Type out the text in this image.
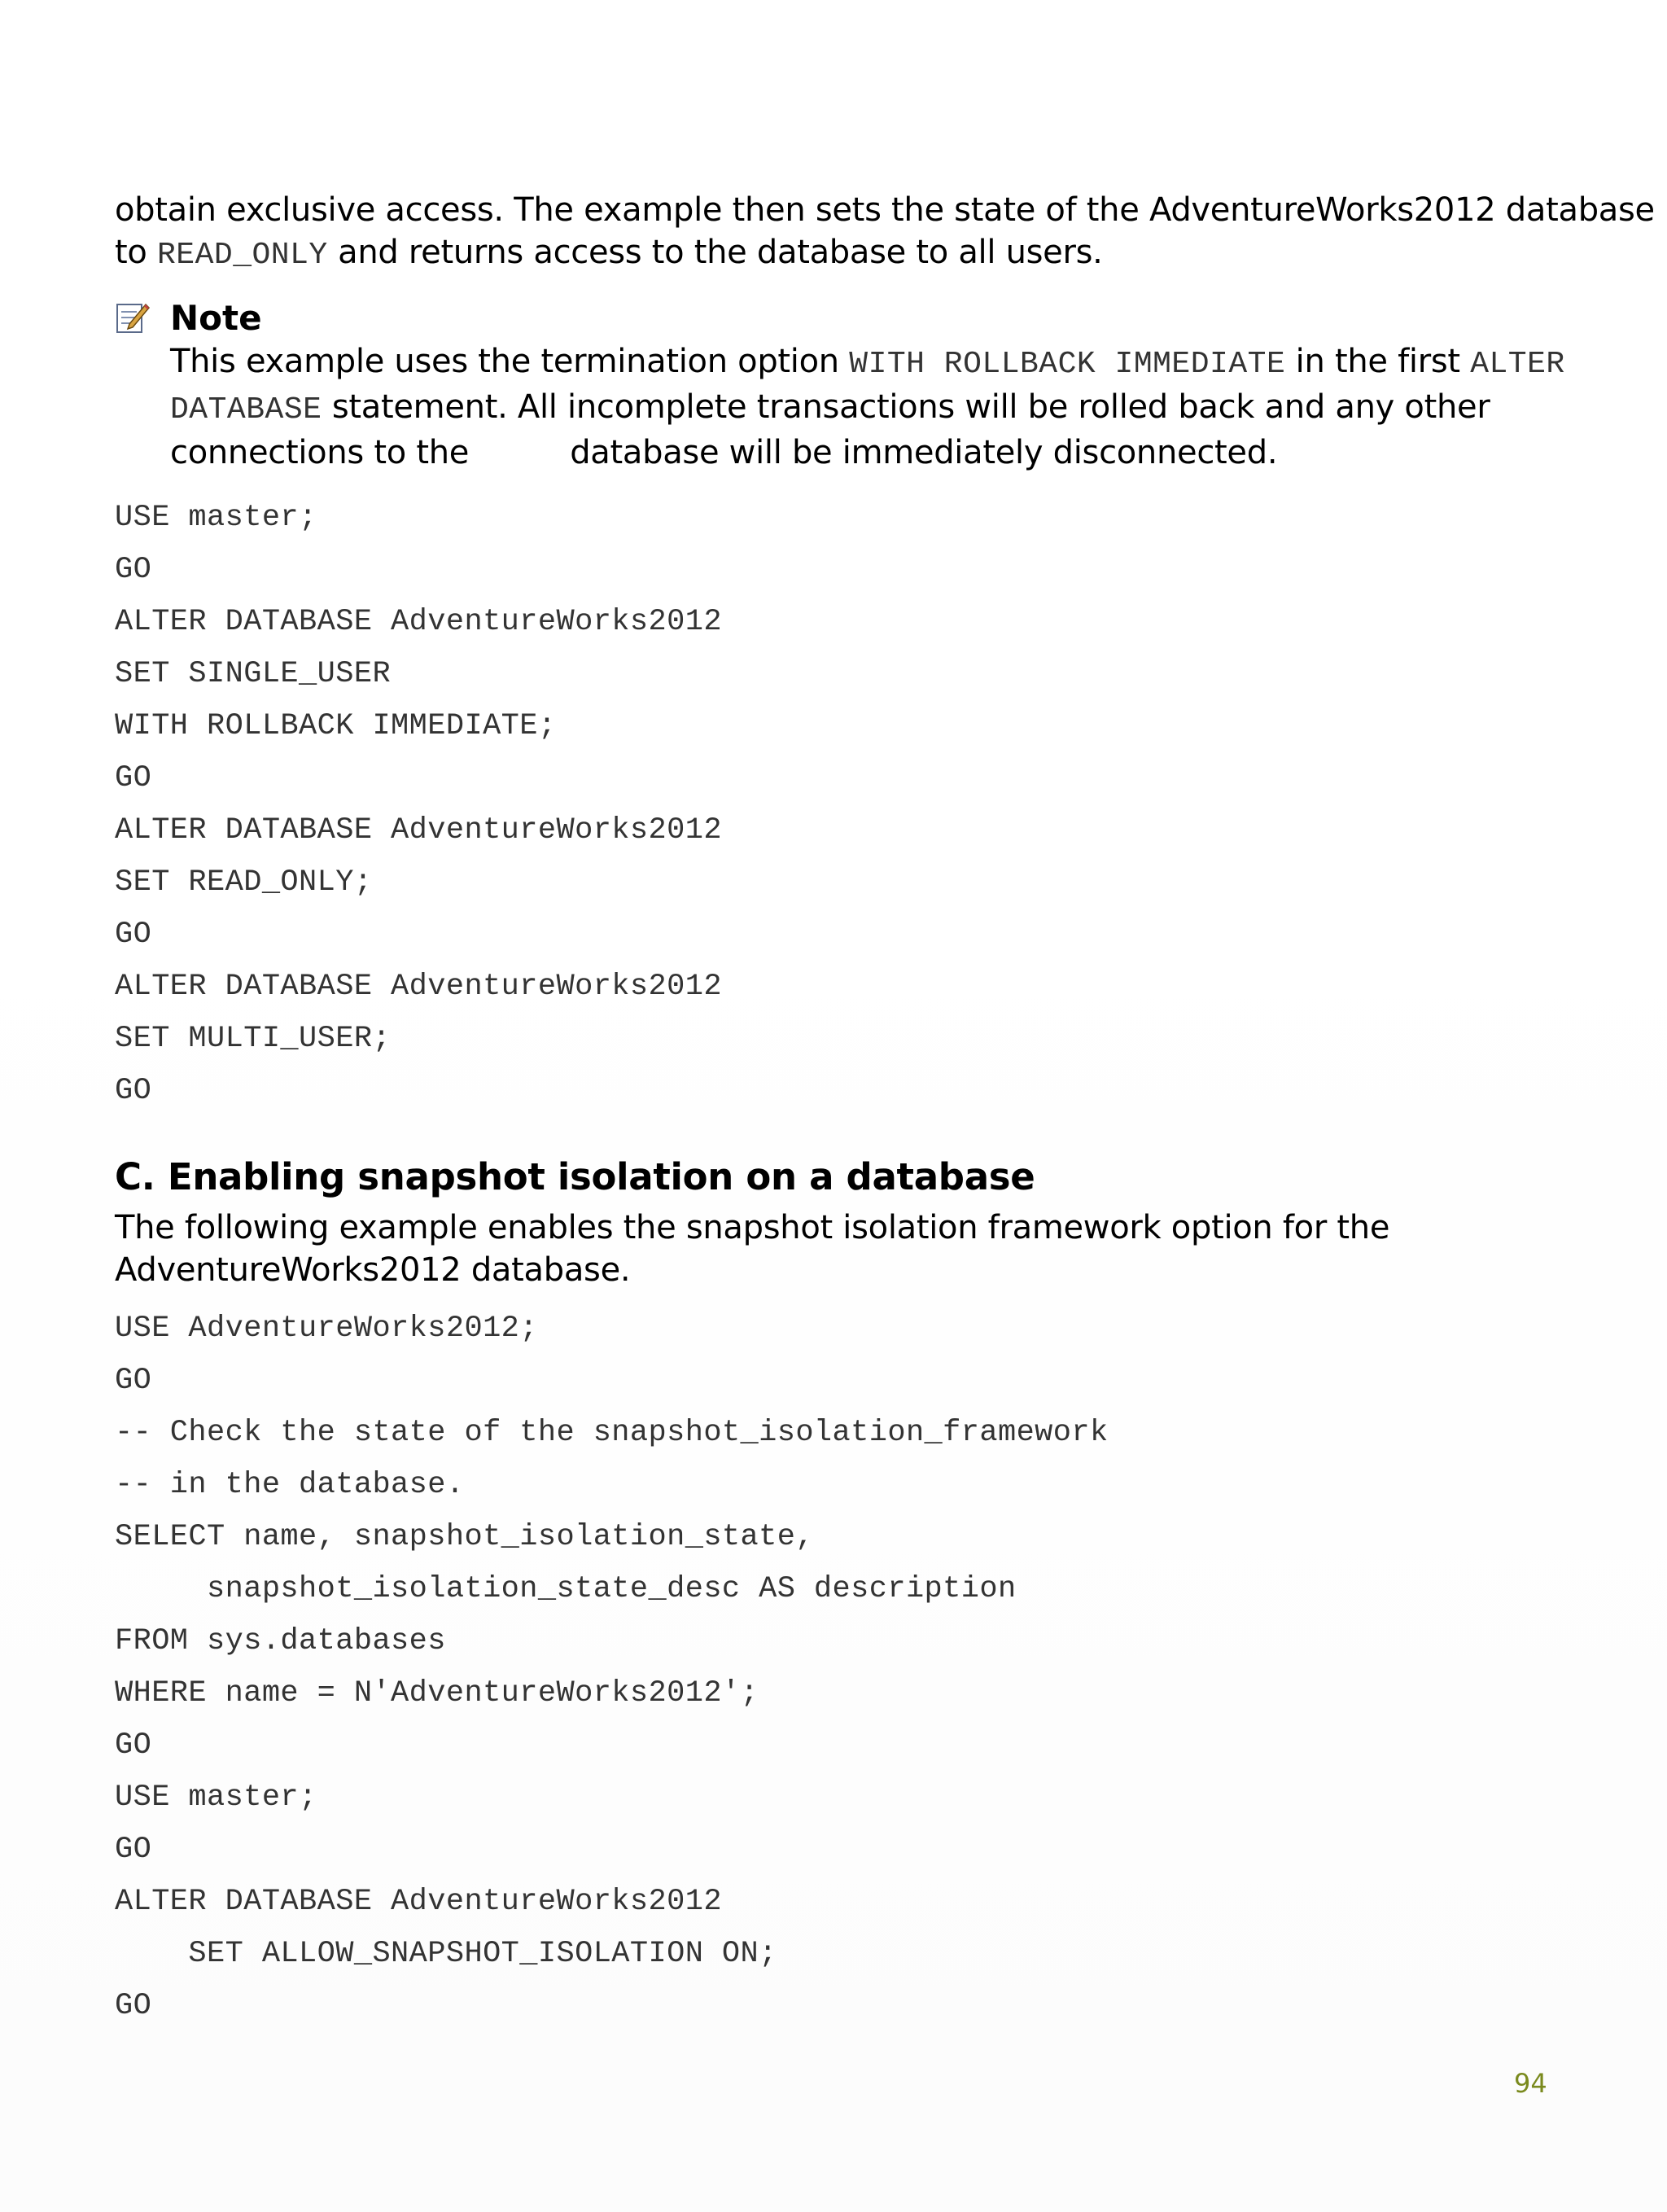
obtain exclusive access. The example then sets the state of the AdventureWorks2012 database

to READ_ONLY and returns access to the database to all users.

Note

This example uses the termination option WITH ROLLBACK IMMEDIATE in the first ALTER

DATABASE statement. All incomplete transactions will be rolled back and any other

connections to the          database will be immediately disconnected.

USE master;
GO
ALTER DATABASE AdventureWorks2012
SET SINGLE_USER
WITH ROLLBACK IMMEDIATE;
GO
ALTER DATABASE AdventureWorks2012
SET READ_ONLY;
GO
ALTER DATABASE AdventureWorks2012
SET MULTI_USER;
GO
C. Enabling snapshot isolation on a database

The following example enables the snapshot isolation framework option for the

AdventureWorks2012 database.

USE AdventureWorks2012;
GO
-- Check the state of the snapshot_isolation_framework
-- in the database.
SELECT name, snapshot_isolation_state,
snapshot_isolation_state_desc AS description
FROM sys.databases
WHERE name = N'AdventureWorks2012';
GO
USE master;
GO
ALTER DATABASE AdventureWorks2012
SET ALLOW_SNAPSHOT_ISOLATION ON;
GO
94
